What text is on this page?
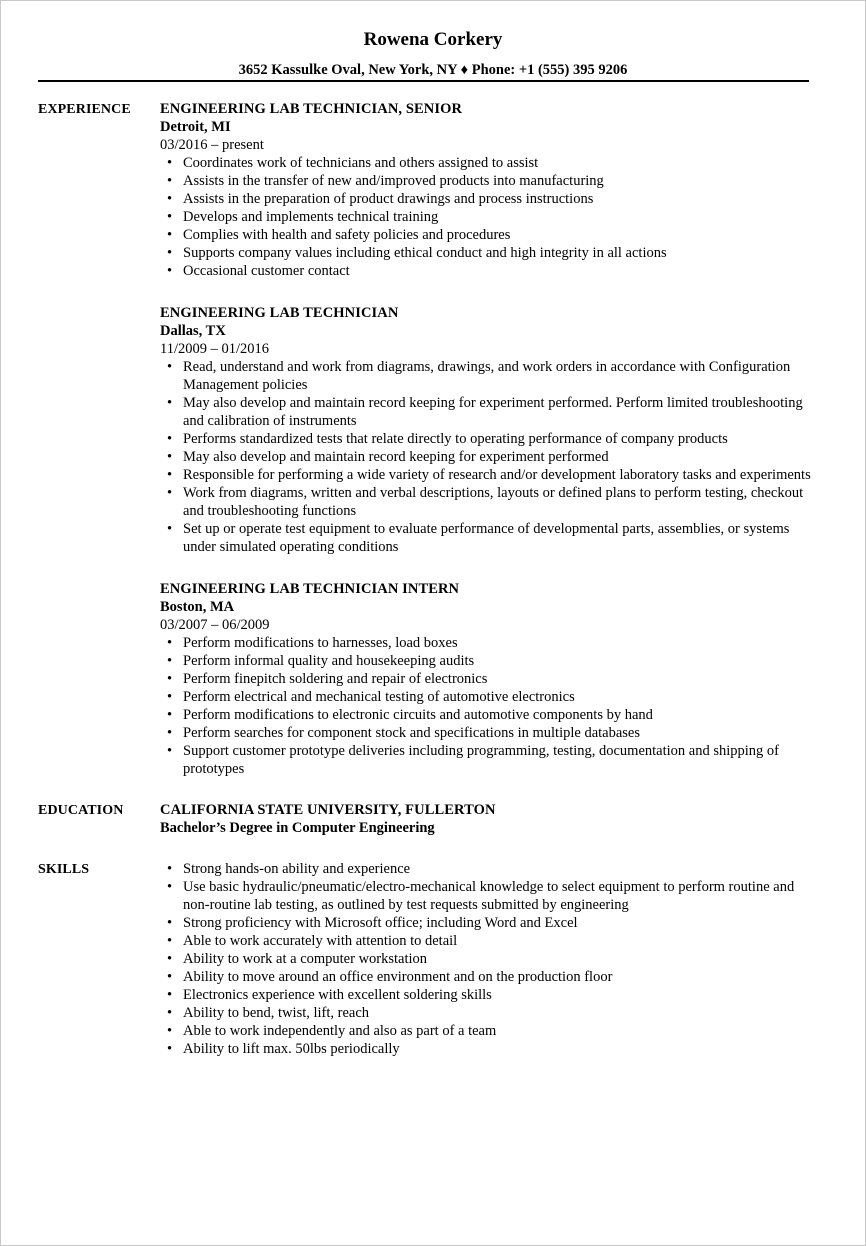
Rowena Corkery
3652 Kassulke Oval, New York, NY ♦ Phone: +1 (555) 395 9206
EXPERIENCE	ENGINEERING LAB TECHNICIAN, SENIOR
Detroit, MI
03/2016 – present
• Coordinates work of technicians and others assigned to assist
• Assists in the transfer of new and/improved products into manufacturing
• Assists in the preparation of product drawings and process instructions
• Develops and implements technical training
• Complies with health and safety policies and procedures
• Supports company values including ethical conduct and high integrity in all actions
• Occasional customer contact
ENGINEERING LAB TECHNICIAN
Dallas, TX
11/2009 – 01/2016
• Read, understand and work from diagrams, drawings, and work orders in accordance with Configuration Management policies
• May also develop and maintain record keeping for experiment performed. Perform limited troubleshooting and calibration of instruments
• Performs standardized tests that relate directly to operating performance of company products
• May also develop and maintain record keeping for experiment performed
• Responsible for performing a wide variety of research and/or development laboratory tasks and experiments
• Work from diagrams, written and verbal descriptions, layouts or defined plans to perform testing, checkout and troubleshooting functions
• Set up or operate test equipment to evaluate performance of developmental parts, assemblies, or systems under simulated operating conditions
ENGINEERING LAB TECHNICIAN INTERN
Boston, MA
03/2007 – 06/2009
• Perform modifications to harnesses, load boxes
• Perform informal quality and housekeeping audits
• Perform finepitch soldering and repair of electronics
• Perform electrical and mechanical testing of automotive electronics
• Perform modifications to electronic circuits and automotive components by hand
• Perform searches for component stock and specifications in multiple databases
• Support customer prototype deliveries including programming, testing, documentation and shipping of prototypes
EDUCATION	CALIFORNIA STATE UNIVERSITY, FULLERTON
Bachelor’s Degree in Computer Engineering
SKILLS
•	Strong hands-on ability and experience
• Use basic hydraulic/pneumatic/electro-mechanical knowledge to select equipment to perform routine and non-routine lab testing, as outlined by test requests submitted by engineering
• Strong proficiency with Microsoft office; including Word and Excel
• Able to work accurately with attention to detail
• Ability to work at a computer workstation
• Ability to move around an office environment and on the production floor
• Electronics experience with excellent soldering skills
• Ability to bend, twist, lift, reach
• Able to work independently and also as part of a team
• Ability to lift max. 50lbs periodically
